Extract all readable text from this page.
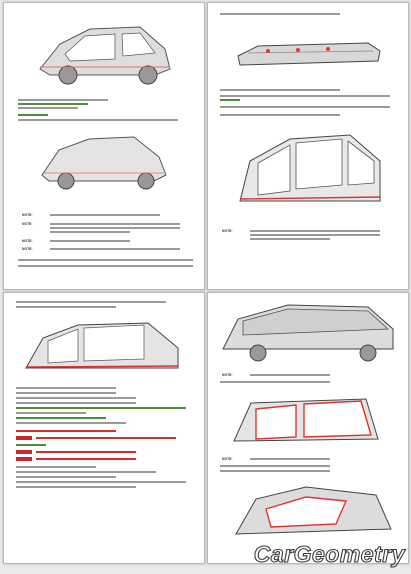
NOTE:
NOTE:
NOTE:
NOTE:
NOTE:
NOTE:
NOTE:
CarGeometry
